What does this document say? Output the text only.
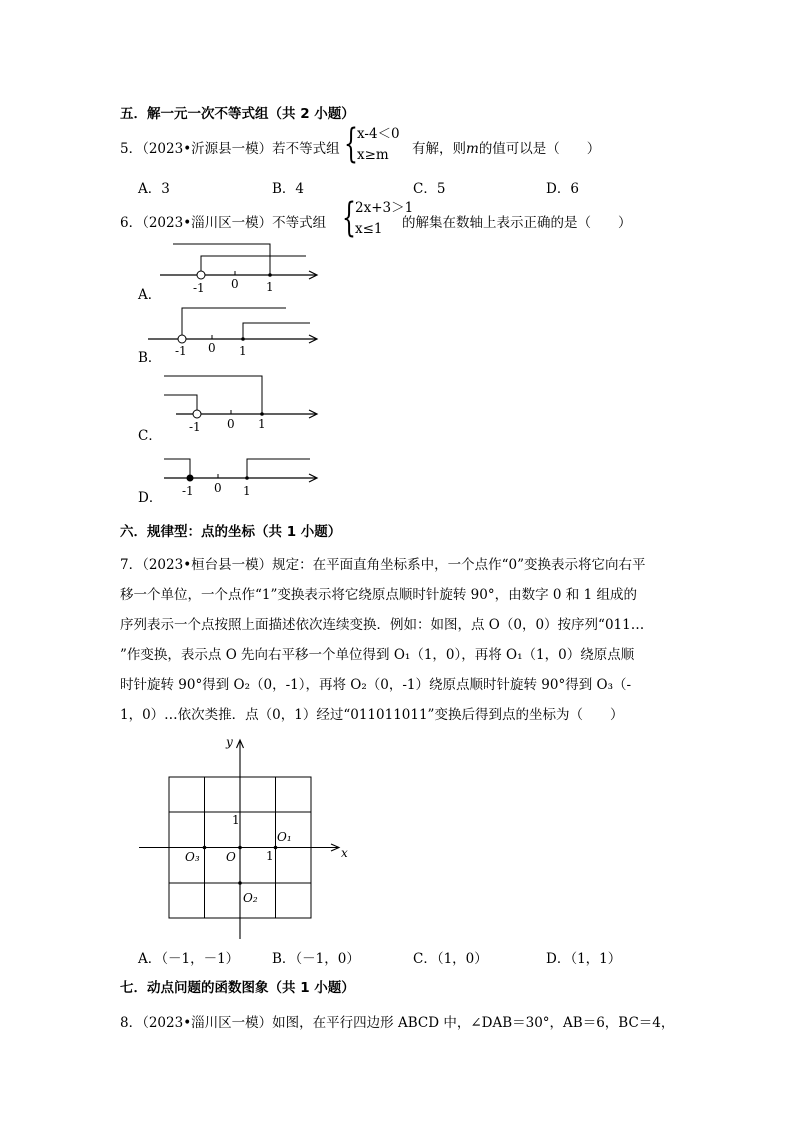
五．解一元一次不等式组（共 2 小题）
5．（2023•沂源县一模）若不等式组 { x-4＜0
x≥m	有解，则m的值可以是（　　）
A．3	B．4	C．5	D．6
6．（2023•淄川区一模）不等式组 { 2x+3＞1
x≤1	的解集在数轴上表示正确的是（　　）
A．	-1 0 1
B． -1 0 1
C．
-1 0 1
D． -1 0 1
六．规律型：点的坐标（共 1 小题）
7．（2023•桓台县一模）规定：在平面直角坐标系中，一个点作“0”变换表示将它向右平
移一个单位，一个点作“1”变换表示将它绕原点顺时针旋转 90°，由数字 0 和 1 组成的
序列表示一个点按照上面描述依次连续变换．例如：如图，点 O（0，0）按序列“011…
”作变换，表示点 O 先向右平移一个单位得到 O₁（1，0），再将 O₁（1，0）绕原点顺
时针旋转 90°得到 O₂（0，-1），再将 O₂（0，-1）绕原点顺时针旋转 90°得到 O₃（-
1，0）…依次类推．点（0，1）经过“011011011”变换后得到点的坐标为（　　）
y
x
O
1
1
O₁
O₂
O₃
A．（－1，－1） B．（－1，0）	C．（1，0）	D．（1，1）
七．动点问题的函数图象（共 1 小题）
8．（2023•淄川区一模）如图，在平行四边形 ABCD 中，∠DAB＝30°，AB＝6，BC＝4，
